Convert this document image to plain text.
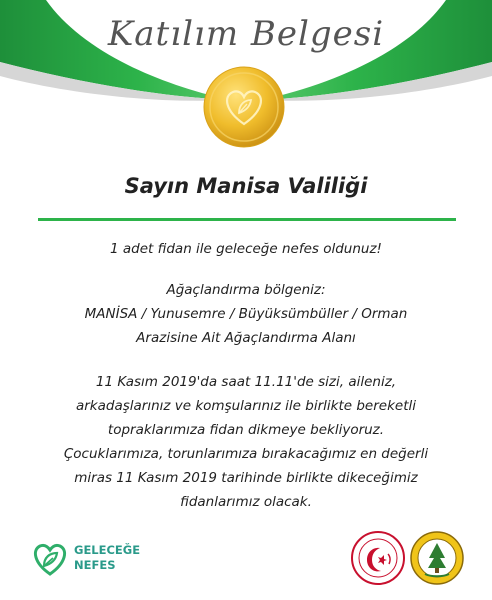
Katılım Belgesi
Sayın Manisa Valiliği
1 adet fidan ile geleceğe nefes oldunuz!
Ağaçlandırma bölgeniz:
MANİSA / Yunusemre / Büyüksümbüller / Orman
Arazisine Ait Ağaçlandırma Alanı
11 Kasım 2019'da saat 11.11'de sizi, aileniz,
arkadaşlarınız ve komşularınız ile birlikte bereketli
topraklarımıza fidan dikmeye bekliyoruz.
Çocuklarımıza, torunlarımıza bırakacağımız en değerli
miras 11 Kasım 2019 tarihinde birlikte dikeceğimiz
fidanlarımız olacak.
GELECEĞE
NEFES
